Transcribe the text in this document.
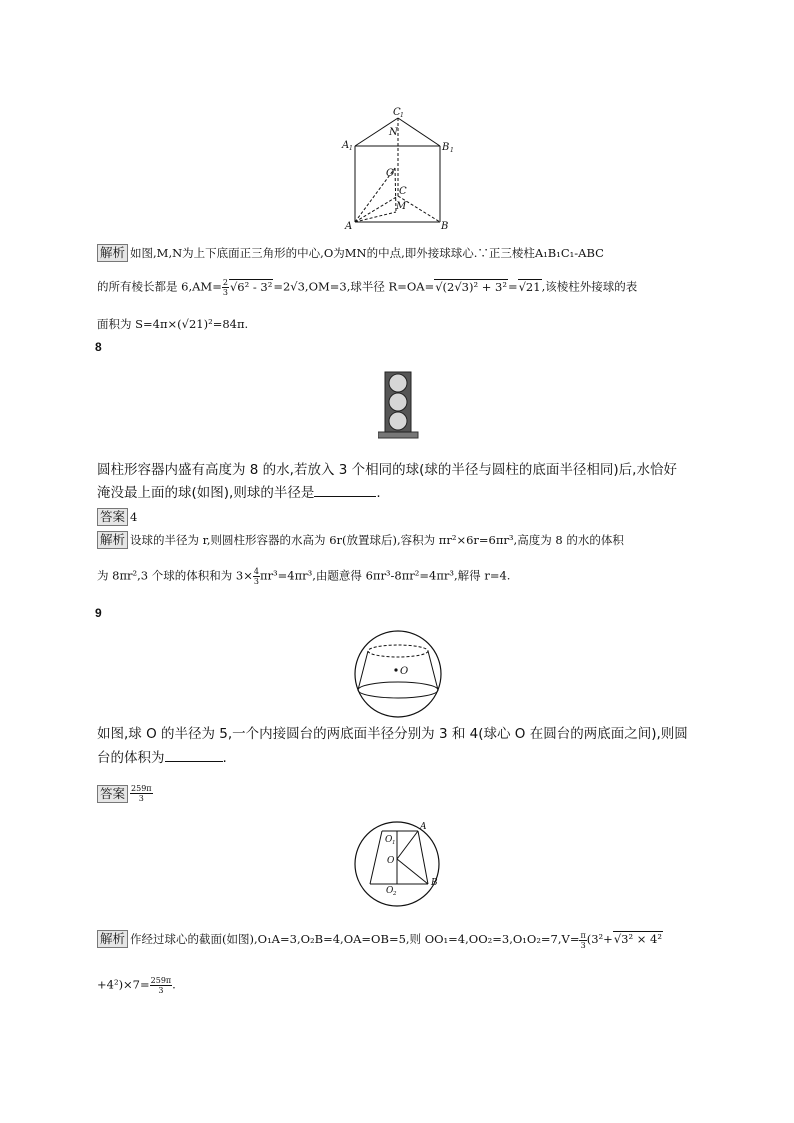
C 1
A 1	B 1
N
O
C
M
A	B
解析 如图,M,N为上下底面正三角形的中心,O为MN的中点,即外接球球心.∵正三棱柱A₁B₁C₁-ABC
的所有棱长都是 $6,AM= \frac{2}{3} √6^2 - 3^2=2√3,OM=3$,球半径 R=OA=√(2√3)² + 3²=√21,该棱柱外接球的表
面积为 S=4π×(√21)²=84π.
8
圆柱形容器内盛有高度为 8 的水,若放入 3 个相同的球(球的半径与圆柱的底面半径相同)后,水恰好
淹没最上面的球(如图),则球的半径是	.
答案 4
解析 设球的半径为 r,则圆柱形容器的水高为 6r(放置球后),容积为 πr²×6r=6πr³,高度为 8 的水的体积
为 8πr²,3 个球的体积和为 $3\times \frac{4}{3} \pi r^3=4\pi r^3$,由题意得 6πr³-8πr²=4πr³,解得 r=4.
9
O
如图,球 O 的半径为 5,一个内接圆台的两底面半径分别为 3 和 4(球心 O 在圆台的两底面之间),则圆
台的体积为	.
答案 $\frac{259\pi}{3}$
O 1
A
O
B
O 2
解析 作经过球心的截面(如图),O₁A=3,O₂B=4,OA=OB=5,则 $OO_1=4,OO_2=3,O_1O_2=7,V= \frac{\pi}{3} (3^2+√3^2 \times 4^2$
$+4^2)\times 7= \frac{259\pi}{3}$ .
